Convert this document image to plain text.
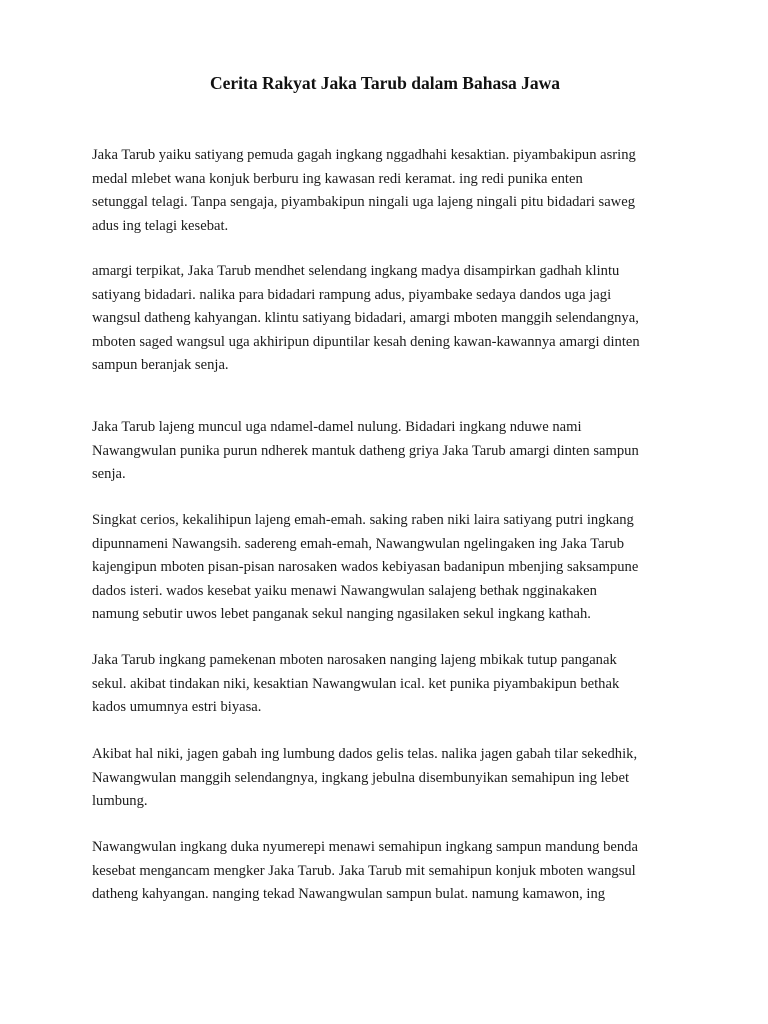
Cerita Rakyat Jaka Tarub dalam Bahasa Jawa
Jaka Tarub yaiku satiyang pemuda gagah ingkang nggadhahi kesaktian. piyambakipun asring
medal mlebet wana konjuk berburu ing kawasan redi keramat. ing redi punika enten
setunggal telagi. Tanpa sengaja, piyambakipun ningali uga lajeng ningali pitu bidadari saweg
adus ing telagi kesebat.
amargi terpikat, Jaka Tarub mendhet selendang ingkang madya disampirkan gadhah klintu
satiyang bidadari. nalika para bidadari rampung adus, piyambake sedaya dandos uga jagi
wangsul datheng kahyangan. klintu satiyang bidadari, amargi mboten manggih selendangnya,
mboten saged wangsul uga akhiripun dipuntilar kesah dening kawan-kawannya amargi dinten
sampun beranjak senja.
Jaka Tarub lajeng muncul uga ndamel-damel nulung. Bidadari ingkang nduwe nami
Nawangwulan punika purun ndherek mantuk datheng griya Jaka Tarub amargi dinten sampun
senja.
Singkat cerios, kekalihipun lajeng emah-emah. saking raben niki laira satiyang putri ingkang
dipunnameni Nawangsih. sadereng emah-emah, Nawangwulan ngelingaken ing Jaka Tarub
kajengipun mboten pisan-pisan narosaken wados kebiyasan badanipun mbenjing saksampune
dados isteri. wados kesebat yaiku menawi Nawangwulan salajeng bethak ngginakaken
namung sebutir uwos lebet panganak sekul nanging ngasilaken sekul ingkang kathah.
Jaka Tarub ingkang pamekenan mboten narosaken nanging lajeng mbikak tutup panganak
sekul. akibat tindakan niki, kesaktian Nawangwulan ical. ket punika piyambakipun bethak
kados umumnya estri biyasa.
Akibat hal niki, jagen gabah ing lumbung dados gelis telas. nalika jagen gabah tilar sekedhik,
Nawangwulan manggih selendangnya, ingkang jebulna disembunyikan semahipun ing lebet
lumbung.
Nawangwulan ingkang duka nyumerepi menawi semahipun ingkang sampun mandung benda
kesebat mengancam mengker Jaka Tarub. Jaka Tarub mit semahipun konjuk mboten wangsul
datheng kahyangan. nanging tekad Nawangwulan sampun bulat. namung kamawon, ing
